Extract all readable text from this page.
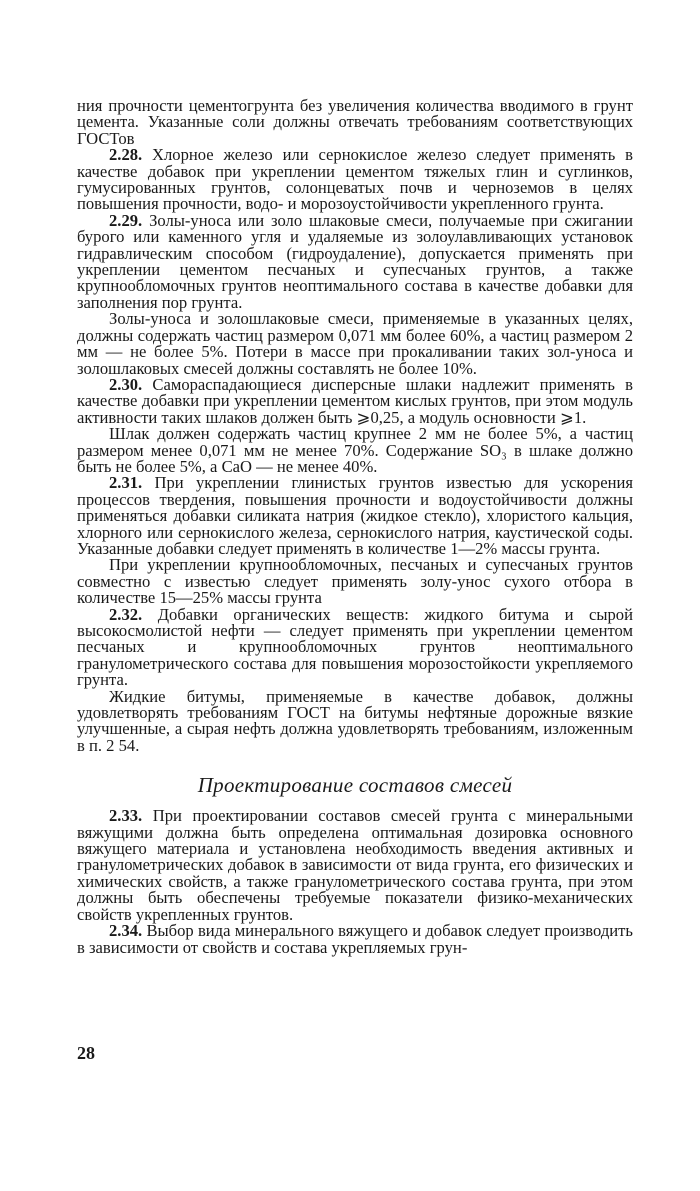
ния прочности цементогрунта без увеличения количества вводимого в грунт цемента. Указанные соли должны отвечать требованиям соответствующих ГОСТов

2.28. Хлорное железо или сернокислое железо следует применять в качестве добавок при укреплении цементом тяжелых глин и суглинков, гумусированных грунтов, солонцеватых почв и черноземов в целях повышения прочности, водо- и морозоустойчивости укрепленного грунта.

2.29. Золы-уноса или золо шлаковые смеси, получаемые при сжигании бурого или каменного угля и удаляемые из золоулавливающих установок гидравлическим способом (гидроудаление), допускается применять при укреплении цементом песчаных и супесчаных грунтов, а также крупнообломочных грунтов неоптимального состава в качестве добавки для заполнения пор грунта.

Золы-уноса и золошлаковые смеси, применяемые в указанных целях, должны содержать частиц размером 0,071 мм более 60%, а частиц размером 2 мм — не более 5%. Потери в массе при прокаливании таких зол-уноса и золошлаковых смесей должны составлять не более 10%.

2.30. Самораспадающиеся дисперсные шлаки надлежит применять в качестве добавки при укреплении цементом кислых грунтов, при этом модуль активности таких шлаков должен быть ⩾0,25, а модуль основности ⩾1.

Шлак должен содержать частиц крупнее 2 мм не более 5%, а частиц размером менее 0,071 мм не менее 70%. Содержание SO₃ в шлаке должно быть не более 5%, а CaO — не менее 40%.

2.31. При укреплении глинистых грунтов известью для ускорения процессов твердения, повышения прочности и водоустойчивости должны применяться добавки силиката натрия (жидкое стекло), хлористого кальция, хлорного или сернокислого железа, сернокислого натрия, каустической соды. Указанные добавки следует применять в количестве 1—2% массы грунта.

При укреплении крупнообломочных, песчаных и супесчаных грунтов совместно с известью следует применять золу-унос сухого отбора в количестве 15—25% массы грунта

2.32. Добавки органических веществ: жидкого битума и сырой высокосмолистой нефти — следует применять при укреплении цементом песчаных и крупнообломочных грунтов неоптимального гранулометрического состава для повышения морозостойкости укрепляемого грунта.

Жидкие битумы, применяемые в качестве добавок, должны удовлетворять требованиям ГОСТ на битумы нефтяные дорожные вязкие улучшенные, а сырая нефть должна удовлетворять требованиям, изложенным в п. 2 54.

Проектирование составов смесей

2.33. При проектировании составов смесей грунта с минеральными вяжущими должна быть определена оптимальная дозировка основного вяжущего материала и установлена необходимость введения активных и гранулометрических добавок в зависимости от вида грунта, его физических и химических свойств, а также гранулометрического состава грунта, при этом должны быть обеспечены требуемые показатели физико-механических свойств укрепленных грунтов.

2.34. Выбор вида минерального вяжущего и добавок следует производить в зависимости от свойств и состава укрепляемых грун-

28
